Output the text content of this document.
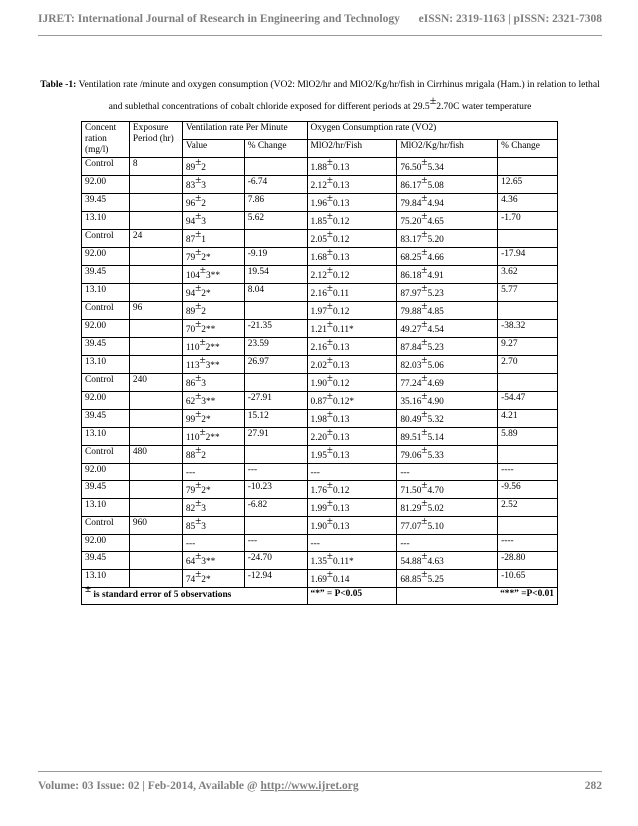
IJRET: International Journal of Research in Engineering and Technology eISSN: 2319-1163 | pISSN: 2321-7308
Table -1: Ventilation rate /minute and oxygen consumption (VO2: MlO2/hr and MlO2/Kg/hr/fish in Cirrhinus mrigala (Ham.) in relation to lethal and sublethal concentrations of cobalt chloride exposed for different periods at 29.5±2.70C water temperature
Concent ration (mg/l)	Exposure Period (hr)	Ventilation rate Per Minute		Oxygen Consumption rate (VO2)		
		Value	% Change	MlO2/hr/Fish	MlO2/Kg/hr/fish	% Change
Control	8	89±2		1.88±0.13	76.50±5.34	
92.00		83±3	-6.74	2.12±0.13	86.17±5.08	12.65
39.45		96±2	7.86	1.96±0.13	79.84±4.94	4.36
13.10		94±3	5.62	1.85±0.12	75.20±4.65	-1.70
Control	24	87±1		2.05±0.12	83.17±5.20	
92.00		79±2*	-9.19	1.68±0.13	68.25±4.66	-17.94
39.45		104±3**	19.54	2.12±0.12	86.18±4.91	3.62
13.10		94±2*	8.04	2.16±0.11	87.97±5.23	5.77
Control	96	89±2		1.97±0.12	79.88±4.85	
92.00		70±2**	-21.35	1.21±0.11*	49.27±4.54	-38.32
39.45		110±2**	23.59	2.16±0.13	87.84±5.23	9.27
13.10		113±3**	26.97	2.02±0.13	82.03±5.06	2.70
Control	240	86±3		1.90±0.12	77.24±4.69	
92.00		62±3**	-27.91	0.87±0.12*	35.16±4.90	-54.47
39.45		99±2*	15.12	1.98±0.13	80.49±5.32	4.21
13.10		110±2**	27.91	2.20±0.13	89.51±5.14	5.89
Control	480	88±2		1.95±0.13	79.06±5.33	
92.00		---	---	---	---	----
39.45		79±2*	-10.23	1.76±0.12	71.50±4.70	-9.56
13.10		82±3	-6.82	1.99±0.13	81.29±5.02	2.52
Control	960	85±3		1.90±0.13	77.07±5.10	
92.00		---	---	---	---	----
39.45		64±3**	-24.70	1.35±0.11*	54.88±4.63	-28.80
13.10		74±2*	-12.94	1.69±0.14	68.85±5.25	-10.65
± is standard error of 5 observations				“*” = P<0.05	“**” =P<0.01	
Volume: 03 Issue: 02 | Feb-2014, Available @ http://www.ijret.org	282
